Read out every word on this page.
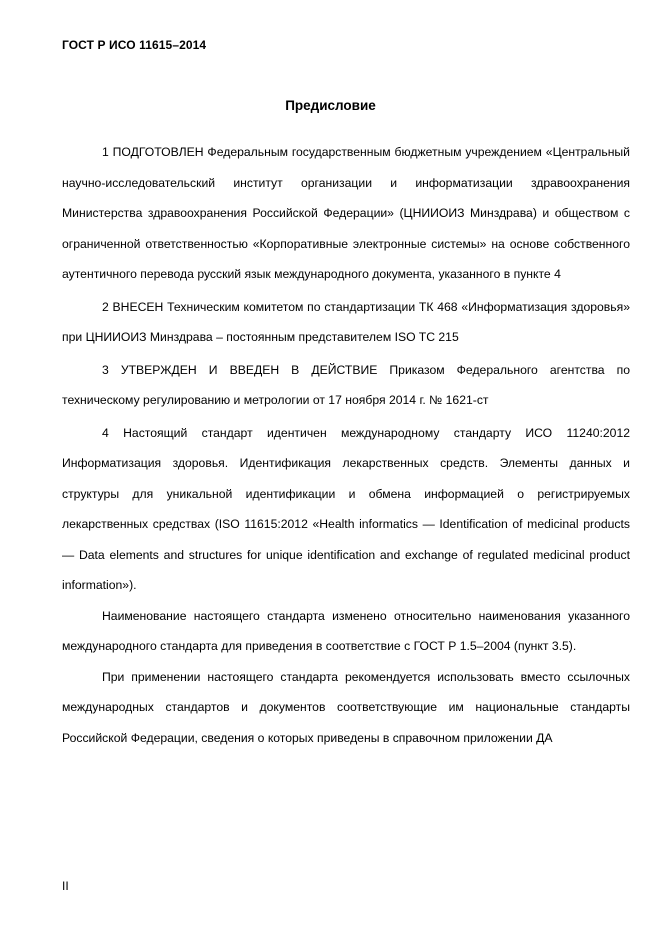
ГОСТ Р ИСО 11615–2014
Предисловие

1 ПОДГОТОВЛЕН Федеральным государственным бюджетным учреждением «Центральный научно-исследовательский институт организации и информатизации здравоохранения Министерства здравоохранения Российской Федерации» (ЦНИИОИЗ Минздрава) и обществом с ограниченной ответственностью «Корпоративные электронные системы» на основе собственного аутентичного перевода русский язык международного документа, указанного в пункте 4

2 ВНЕСЕН Техническим комитетом по стандартизации ТК 468 «Информатизация здоровья» при ЦНИИОИЗ Минздрава – постоянным представителем ISO TC 215

3 УТВЕРЖДЕН И ВВЕДЕН В ДЕЙСТВИЕ Приказом Федерального агентства по техническому регулированию и метрологии от 17 ноября 2014 г. № 1621-ст

4 Настоящий стандарт идентичен международному стандарту ИСО 11240:2012 Информатизация здоровья. Идентификация лекарственных средств. Элементы данных и структуры для уникальной идентификации и обмена информацией о регистрируемых лекарственных средствах (ISO 11615:2012 «Health informatics — Identification of medicinal products — Data elements and structures for unique identification and exchange of regulated medicinal product information»).

Наименование настоящего стандарта изменено относительно наименования указанного международного стандарта для приведения в соответствие с ГОСТ Р 1.5–2004 (пункт 3.5).

При применении настоящего стандарта рекомендуется использовать вместо ссылочных международных стандартов и документов соответствующие им национальные стандарты Российской Федерации, сведения о которых приведены в справочном приложении ДА

II
